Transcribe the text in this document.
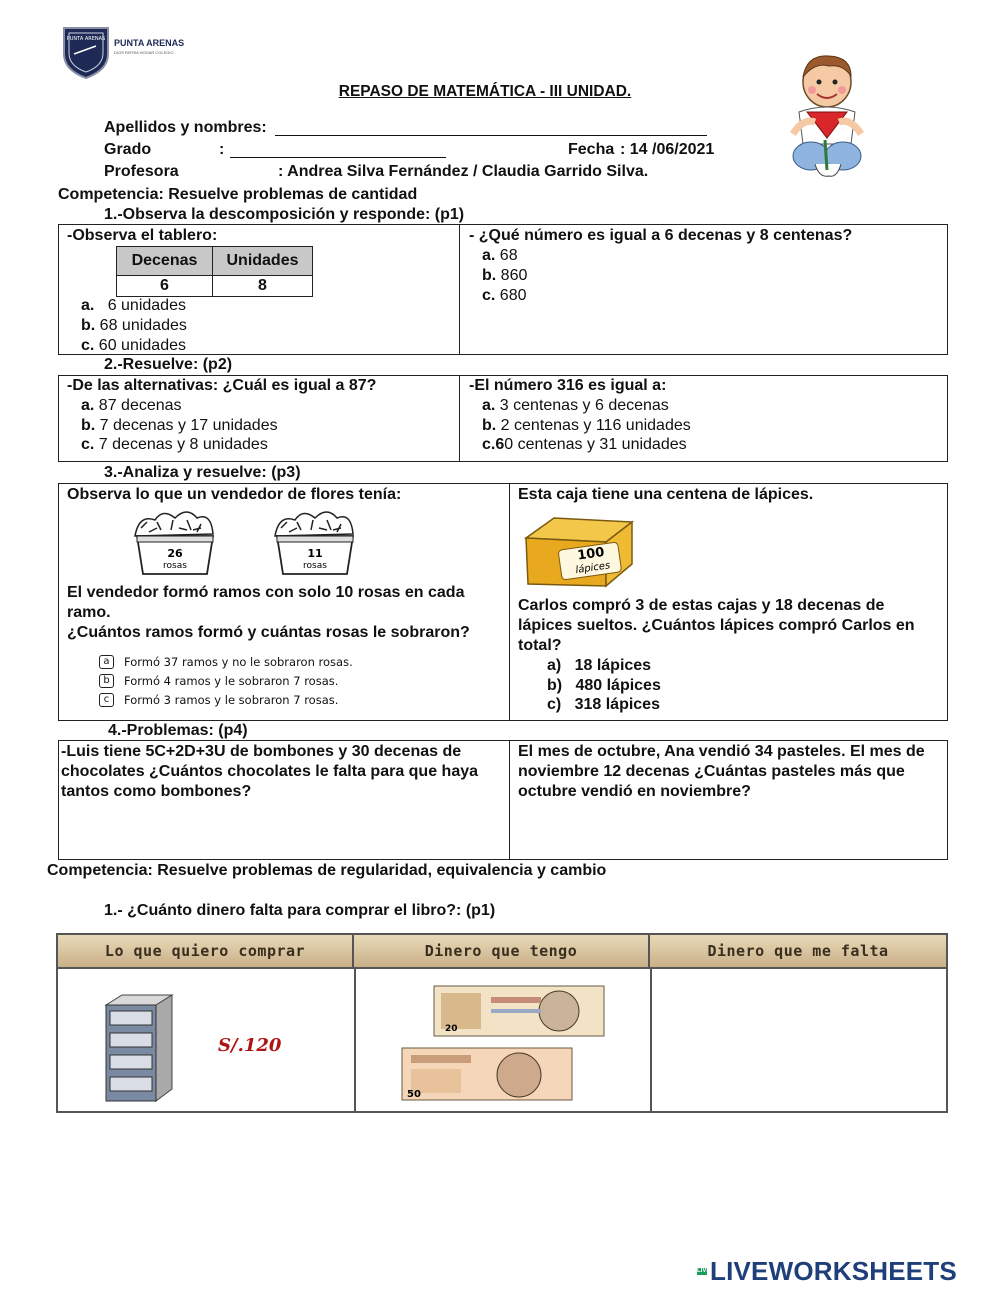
PUNTA ARENAS PUNTA ARENAS
DIOS PATRIA HOGAR COLEGIO
REPASO DE MATEMÁTICA - III UNIDAD.
Apellidos y nombres:
Grado	:	Fecha : 14 /06/2021
Profesora	: Andrea Silva Fernández / Claudia Garrido Silva.
Competencia: Resuelve problemas de cantidad
1.-Observa la descomposición y responde: (p1)
-Observa el tablero:
Decenas	Unidades
6	8
a.   6 unidades
b. 68 unidades
c. 60 unidades
- ¿Qué número es igual a 6 decenas y 8 centenas?
a. 68
b. 860
c. 680
2.-Resuelve: (p2)
-De las alternativas: ¿Cuál es igual a 87?
a. 87 decenas
b. 7 decenas y 17 unidades
c. 7 decenas y 8 unidades
-El número 316 es igual a:
a. 3 centenas y 6 decenas
b. 2 centenas y 116 unidades
c.60 centenas y 31 unidades
3.-Analiza y resuelve: (p3)
Observa lo que un vendedor de flores tenía:
26
rosas
11
rosas
El vendedor formó ramos con solo 10 rosas en cada ramo.
¿Cuántos ramos formó y cuántas rosas le sobraron?
a	Formó 37 ramos y no le sobraron rosas.
b	Formó 4 ramos y le sobraron 7 rosas.
c	Formó 3 ramos y le sobraron 7 rosas.
Esta caja tiene una centena de lápices.
100
lápices
Carlos compró 3 de estas cajas y 18 decenas de lápices sueltos. ¿Cuántos lápices compró Carlos en total?
a) 18 lápices
b) 480 lápices
c) 318 lápices
4.-Problemas: (p4)
-Luis tiene 5C+2D+3U de bombones y 30 decenas de chocolates ¿Cuántos chocolates le falta para que haya tantos como bombones?
El mes de octubre, Ana vendió 34 pasteles. El mes de noviembre 12 decenas ¿Cuántas pasteles más que octubre vendió en noviembre?
Competencia: Resuelve problemas de regularidad, equivalencia y cambio
1.- ¿Cuánto dinero falta para comprar el libro?: (p1)
Lo que quiero comprar	Dinero que tengo	Dinero que me falta
S/.120
20
50
LIVE LIVEWORKSHEETS
